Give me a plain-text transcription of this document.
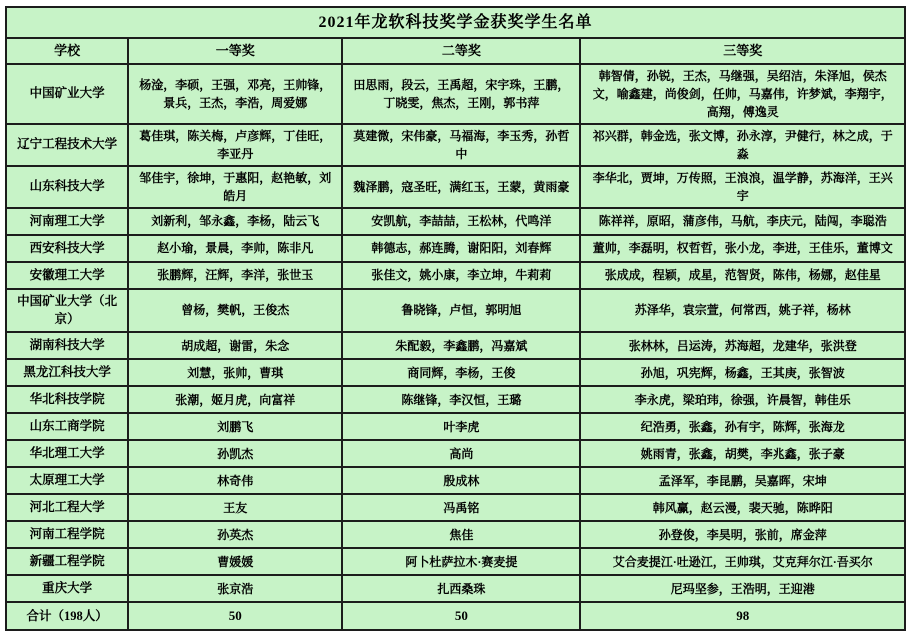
2021年龙软科技奖学金获奖学生名单			
学校	一等奖	二等奖	三等奖
中国矿业大学	杨淦，李硕，王强，邓亮，王帅锋，景兵，王杰，李浩，周爱娜	田思雨，段云，王禹超，宋宇珠，王鹏，丁晓雯，焦杰，王刚，郭书萍	韩智倩，孙锐，王杰，马继强，吴绍洁，朱泽旭，侯杰文，喻鑫建，尚俊剑，任帅，马嘉伟，许梦斌，李翔宇，高翔，傅逸灵
辽宁工程技术大学	葛佳琪，陈关梅，卢彦辉，丁佳旺，李亚丹	莫建微，宋伟豪，马福海，李玉秀，孙哲中	祁兴群，韩金选，张文博，孙永淳，尹健行，林之成，于淼
山东科技大学	邹佳宇，徐坤，于惠阳，赵艳敏，刘皓月	魏泽鹏，寇圣旺，满红玉，王蒙，黄雨豪	李华北，贾坤，万传照，王浪浪，温学静，苏海洋，王兴宇
河南理工大学	刘新利，邹永鑫，李杨，陆云飞	安凯航，李喆喆，王松林，代鸣洋	陈祥祥，原昭，蒲彦伟，马航，李庆元，陆闯，李聪浩
西安科技大学	赵小瑜，景晨，李帅，陈非凡	韩德志，郝连腾，谢阳阳，刘春辉	董帅，李磊明，权哲哲，张小龙，李进，王佳乐，董博文
安徽理工大学	张鹏辉，汪辉，李洋，张世玉	张佳文，姚小康，李立坤，牛莉莉	张成成，程颖，成星，范智贤，陈伟，杨娜，赵佳星
中国矿业大学（北京）	曾杨，樊帆，王俊杰	鲁晓锋，卢恒，郭明旭	苏泽华，袁宗萱，何常西，姚子祥，杨林
湖南科技大学	胡成超，谢雷，朱念	朱配毅，李鑫鹏，冯嘉斌	张林林，吕运涛，苏海超，龙建华，张洪登
黑龙江科技大学	刘慧，张帅，曹琪	商同辉，李杨，王俊	孙旭，巩宪辉，杨鑫，王其庚，张智波
华北科技学院	张潮，姬月虎，向富祥	陈继锋，李汉恒，王璐	李永虎，梁珀玮，徐强，许晨智，韩佳乐
山东工商学院	刘鹏飞	叶李虎	纪浩勇，张鑫，孙有宇，陈辉，张海龙
华北理工大学	孙凯杰	高尚	姚雨青，张鑫，胡樊，李兆鑫，张子豪
太原理工大学	林奇伟	殷成林	孟泽军，李昆鹏，吴嘉晖，宋坤
河北工程大学	王友	冯禹铭	韩风赢，赵云漫，裴天驰，陈晔阳
河南工程学院	孙英杰	焦佳	孙登俊，李昊明，张前，席金萍
新疆工程学院	曹媛媛	阿卜杜萨拉木·赛麦提	艾合麦提江·吐逊江，王帅琪，艾克拜尔江·吾买尔
重庆大学	张京浩	扎西桑珠	尼玛坚参，王浩明，王迎港
合计（198人）	50	50	98
